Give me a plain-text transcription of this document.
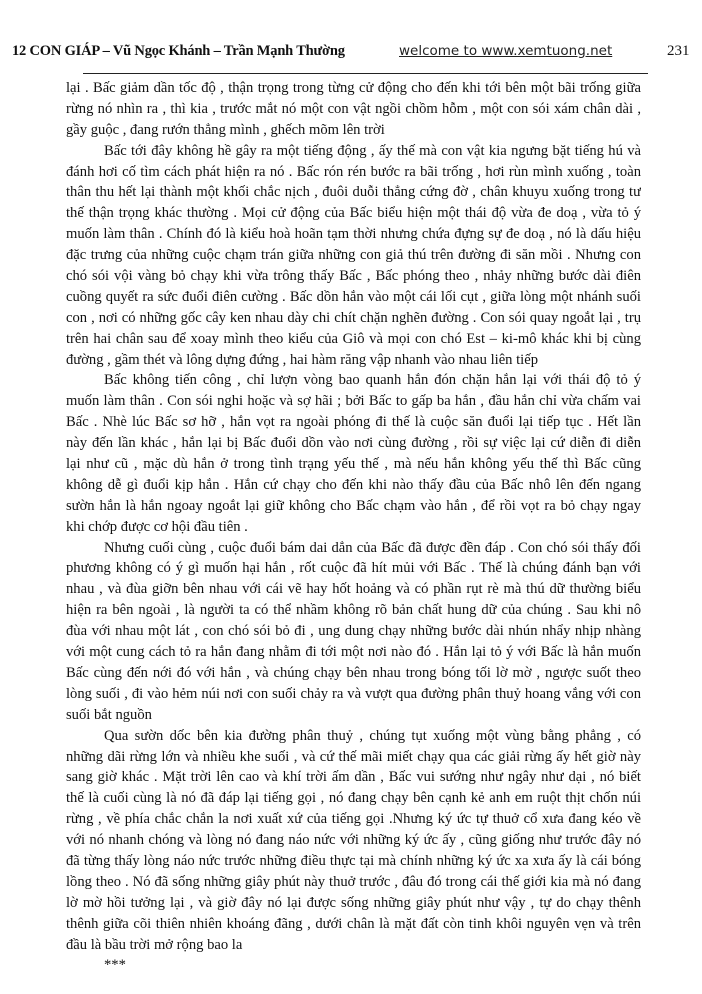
12 CON GIÁP – Vũ Ngọc Khánh – Trần Mạnh Thường	welcome to www.xemtuong.net	231
lại . Bấc giảm dần tốc độ , thận trọng trong từng cử động cho đến khi tới bên một bãi trống giữa
rừng nó nhìn ra , thì kia , trước mắt nó một con vật ngồi chồm hỗm , một con sói xám chân dài ,
gầy guộc , đang rướn thẳng mình , ghếch mõm lên trời
Bấc tới đây không hề gây ra một tiếng động , ấy thế mà con vật kia ngưng bặt tiếng hú và
đánh hơi cố tìm cách phát hiện ra nó . Bấc rón rén bước ra bãi trống , hơi rùn mình xuống , toàn
thân thu hết lại thành một khối chắc nịch , đuôi duỗi thẳng cứng đờ , chân khuyu xuống trong tư
thế thận trọng khác thường . Mọi cử động của Bấc biểu hiện một thái độ vừa đe doạ , vừa tỏ ý
muốn làm thân . Chính đó là kiểu hoà hoãn tạm thời nhưng chứa đựng sự đe doạ , nó là dấu hiệu
đặc trưng của những cuộc chạm trán giữa những con giả thú trên đường đi săn mồi . Nhưng con
chó sói vội vàng bỏ chạy khi vừa trông thấy Bấc , Bấc phóng theo , nhảy những bước dài điên
cuồng quyết ra sức đuổi điên cường . Bấc dồn hắn vào một cái lối cụt , giữa lòng một nhánh suối
con , nơi có những gốc cây ken nhau dày chi chít chặn nghẽn đường . Con sói quay ngoắt lại , trụ
trên hai chân sau để xoay mình theo kiểu của Giô và mọi con chó Est – ki-mô khác khi bị cùng
đường , gầm thét và lông dựng đứng , hai hàm răng vập nhanh vào nhau liên tiếp
Bấc không tiến công , chỉ lượn vòng bao quanh hắn đón chặn hắn lại với thái độ tỏ ý
muốn làm thân . Con sói nghi hoặc và sợ hãi ; bởi Bấc to gấp ba hắn , đầu hắn chỉ vừa chấm vai
Bấc . Nhè lúc Bấc sơ hỡ , hắn vọt ra ngoài phóng đi thế là cuộc săn đuổi lại tiếp tục . Hết lần
này đến lần khác , hắn lại bị Bấc đuổi dồn vào nơi cùng đường , rồi sự việc lại cứ diễn đi diễn
lại như cũ , mặc dù hắn ở trong tình trạng yếu thế , mà nếu hắn không yếu thế thì Bấc cũng
không dễ gì đuổi kịp hắn . Hắn cứ chạy cho đến khi nào thấy đầu của Bấc nhô lên đến ngang
sườn hắn là hắn ngoay ngoắt lại giữ không cho Bấc chạm vào hắn , để rồi vọt ra bỏ chạy ngay
khi chớp được cơ hội đầu tiên .
Nhưng cuối cùng , cuộc đuổi bám dai dẳn của Bấc đã được đền đáp . Con chó sói thấy đối
phương không có ý gì muốn hại hắn , rốt cuộc đã hít mủi với Bấc . Thế là chúng đánh bạn với
nhau , và đùa giỡn bên nhau với cái vẽ hay hốt hoảng và có phần rụt rè mà thú dữ thường biểu
hiện ra bên ngoài , là người ta có thể nhầm không rõ bản chất hung dữ của chúng . Sau khi nô
đùa với nhau một lát , con chó sói bỏ đi , ung dung chạy những bước dài nhún nhẩy nhịp nhàng
với một cung cách tỏ ra hắn đang nhằm đi tới một nơi nào đó . Hắn lại tỏ ý với Bấc là hắn muốn
Bấc cùng đến nới đó với hắn , và chúng chạy bên nhau trong bóng tối lờ mờ , ngược suốt theo
lòng suối , đi vào hẻm núi nơi con suối chảy ra và vượt qua đường phân thuỷ hoang vắng với con
suối bắt nguồn
Qua sườn dốc bên kia đường phân thuỷ , chúng tụt xuống một vùng bằng phẳng , có
những dãi rừng lớn và nhiều khe suối , và cứ thế mãi miết chạy qua các giải rừng ấy hết giờ này
sang giờ khác . Mặt trời lên cao và khí trời ấm dần , Bấc vui sướng như ngây như dại , nó biết
thế là cuối cùng là nó đã đáp lại tiếng gọi , nó đang chạy bên cạnh kẻ anh em ruột thịt chốn núi
rừng , về phía chắc chắn la nơi xuất xứ của tiếng gọi .Nhưng ký ức tự thuở cổ xưa đang kéo về
với nó nhanh chóng và lòng nó đang náo nức với những ký ức ấy , cũng giống như trước đây nó
đã từng thấy lòng náo nức trước những điều thực tại mà chính những ký ức xa xưa ấy là cái bóng
lồng theo . Nó đã sống những giây phút này thuở trước , đâu đó trong cái thế giới kia mà nó đang
lờ mờ hồi tưởng lại , và giờ đây nó lại được sống những giây phút như vậy , tự do chạy thênh
thênh giữa cõi thiên nhiên khoáng đãng , dưới chân là mặt đất còn tinh khôi nguyên vẹn và trên
đầu là bầu trời mở rộng bao la
***
